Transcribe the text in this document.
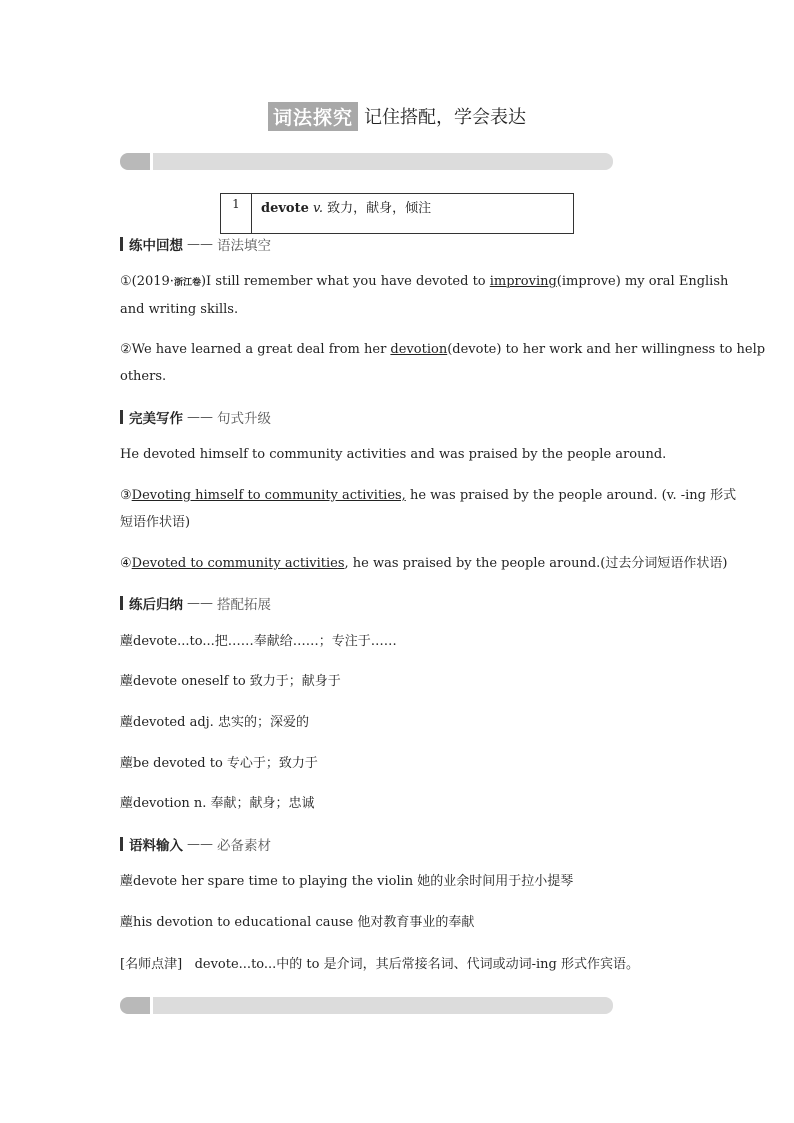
词法探究 记住搭配，学会表达
1	devote v. 致力，献身，倾注
练中回想 —— 语法填空
①(2019·浙江卷)I still remember what you have devoted to improving(improve) my oral English
and writing skills.
②We have learned a great deal from her devotion(devote) to her work and her willingness to help
others.
完美写作 —— 句式升级
He devoted himself to community activities and was praised by the people around.
③Devoting himself to community activities, he was praised by the people around. (v. -ing 形式
短语作状语)
④Devoted to community activities, he was praised by the people around.(过去分词短语作状语)
练后归纳 —— 搭配拓展
薼devote...to...把……奉献给……；专注于……
薼devote oneself to 致力于；献身于
薼devoted adj. 忠实的；深爱的
薼be devoted to 专心于；致力于
薼devotion n. 奉献；献身；忠诚
语料输入 —— 必备素材
薼devote her spare time to playing the violin 她的业余时间用于拉小提琴
薼his devotion to educational cause 他对教育事业的奉献
[名师点津] devote...to...中的 to 是介词，其后常接名词、代词或动词-ing 形式作宾语。
